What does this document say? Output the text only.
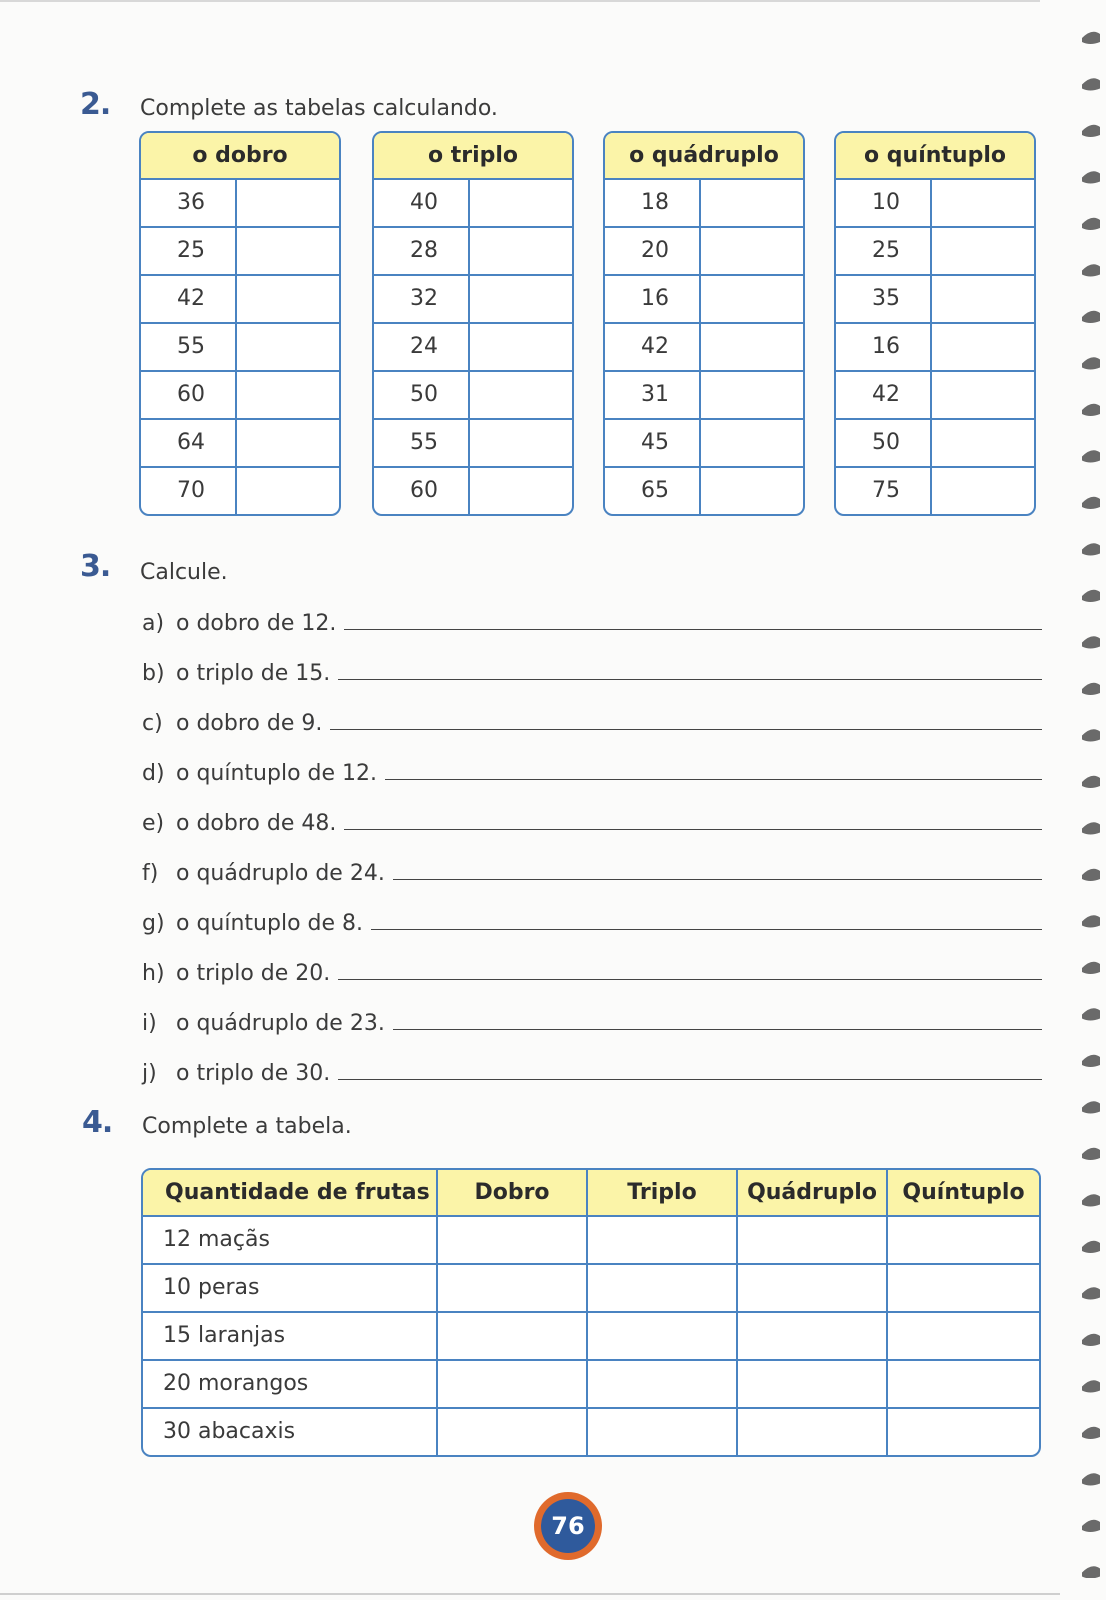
2. Complete as tabelas calculando.
o dobro
36
25
42
55
60
64
70
o triplo
40
28
32
24
50
55
60
o quádruplo
18
20
16
42
31
45
65
o quíntuplo
10
25
35
16
42
50
75
3. Calcule.
a) o dobro de 12.
b) o triplo de 15.
c) o dobro de 9.
d) o quíntuplo de 12.
e) o dobro de 48.
f) o quádruplo de 24.
g) o quíntuplo de 8.
h) o triplo de 20.
i) o quádruplo de 23.
j) o triplo de 30.
4. Complete a tabela.
Quantidade de frutas	Dobro	Triplo	Quádruplo	Quíntuplo
12 maçãs
10 peras
15 laranjas
20 morangos
30 abacaxis
76
